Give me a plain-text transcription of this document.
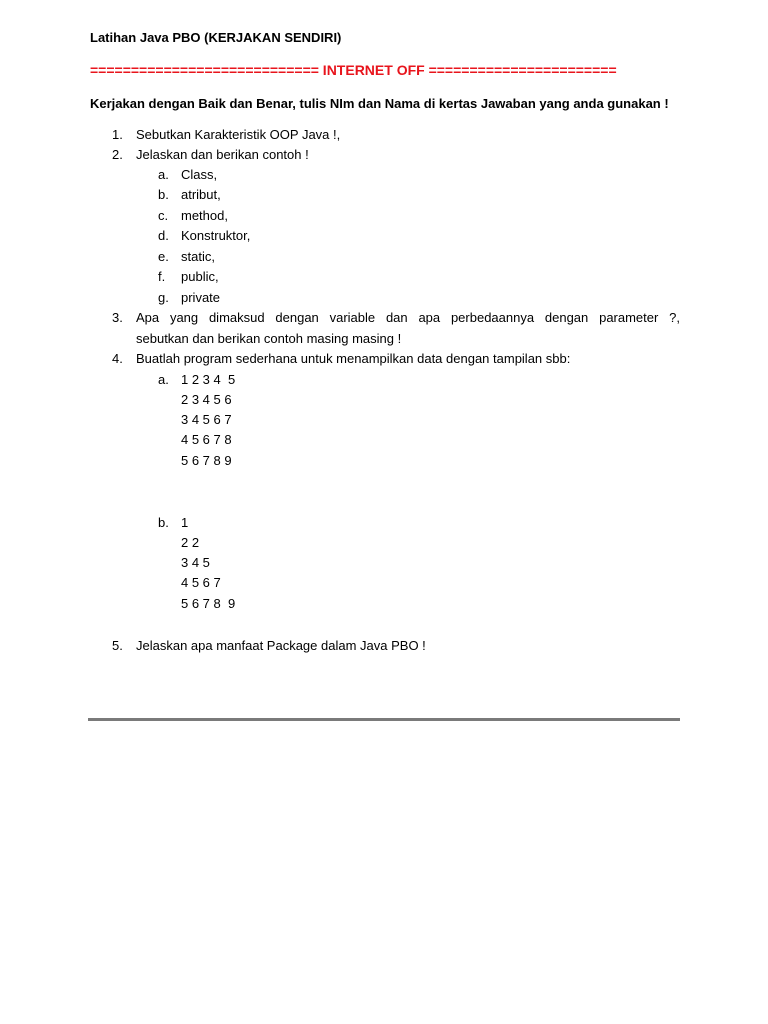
Latihan Java PBO (KERJAKAN SENDIRI)
============================ INTERNET OFF =======================
Kerjakan dengan Baik dan Benar, tulis NIm dan Nama di kertas Jawaban yang anda gunakan !
1. Sebutkan Karakteristik OOP Java !,
2. Jelaskan dan berikan contoh !
a. Class,
b. atribut,
c. method,
d. Konstruktor,
e. static,
f. public,
g. private
3. Apa yang dimaksud dengan variable dan apa perbedaannya dengan parameter ?,
sebutkan dan berikan contoh masing masing !
4. Buatlah program sederhana untuk menampilkan data dengan tampilan sbb:
a. 1 2 3 4  5
2 3 4 5 6
3 4 5 6 7
4 5 6 7 8
5 6 7 8 9
b. 1
2 2
3 4 5
4 5 6 7
5 6 7 8  9
5. Jelaskan apa manfaat Package dalam Java PBO !
